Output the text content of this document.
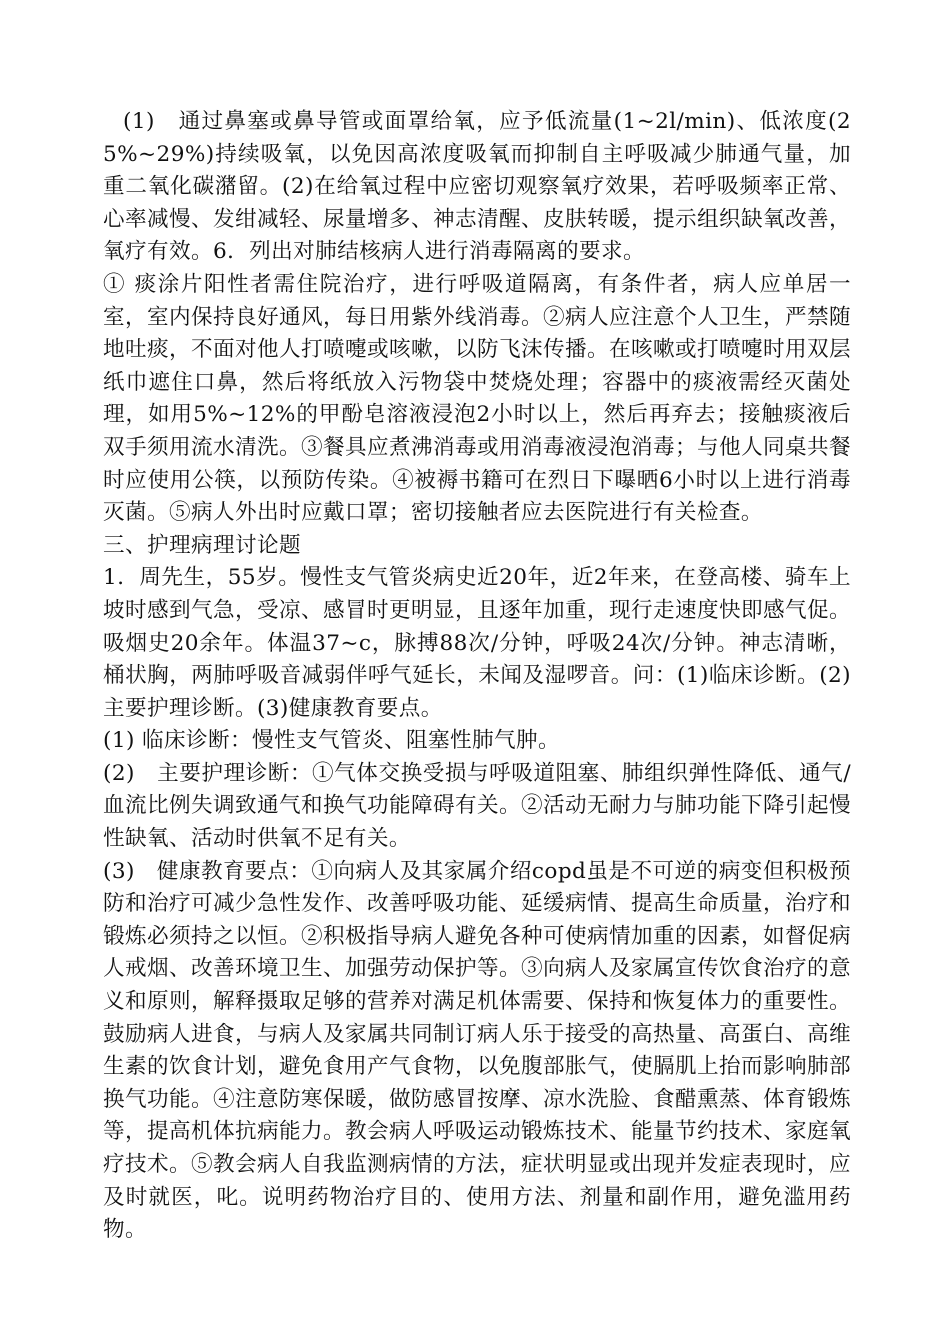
(1)　通过鼻塞或鼻导管或面罩给氧，应予低流量(1~2l/min)、低浓度(25%~29%)持续吸氧，以免因高浓度吸氧而抑制自主呼吸减少肺通气量，加重二氧化碳潴留。(2)在给氧过程中应密切观察氧疗效果，若呼吸频率正常、心率减慢、发绀减轻、尿量增多、神志清醒、皮肤转暖，提示组织缺氧改善，氧疗有效。6．列出对肺结核病人进行消毒隔离的要求。

① 痰涂片阳性者需住院治疗，进行呼吸道隔离，有条件者，病人应单居一室，室内保持良好通风，每日用紫外线消毒。②病人应注意个人卫生，严禁随地吐痰，不面对他人打喷嚏或咳嗽，以防飞沫传播。在咳嗽或打喷嚏时用双层纸巾遮住口鼻，然后将纸放入污物袋中焚烧处理；容器中的痰液需经灭菌处理，如用5%~12%的甲酚皂溶液浸泡2小时以上，然后再弃去；接触痰液后双手须用流水清洗。③餐具应煮沸消毒或用消毒液浸泡消毒；与他人同桌共餐时应使用公筷，以预防传染。④被褥书籍可在烈日下曝晒6小时以上进行消毒灭菌。⑤病人外出时应戴口罩；密切接触者应去医院进行有关检查。

三、护理病理讨论题

1．周先生，55岁。慢性支气管炎病史近20年，近2年来，在登高楼、骑车上坡时感到气急，受凉、感冒时更明显，且逐年加重，现行走速度快即感气促。吸烟史20余年。体温37~c，脉搏88次/分钟，呼吸24次/分钟。神志清晰，桶状胸，两肺呼吸音减弱伴呼气延长，未闻及湿啰音。问：(1)临床诊断。(2)主要护理诊断。(3)健康教育要点。

(1) 临床诊断：慢性支气管炎、阻塞性肺气肿。

(2)　主要护理诊断：①气体交换受损与呼吸道阻塞、肺组织弹性降低、通气/血流比例失调致通气和换气功能障碍有关。②活动无耐力与肺功能下降引起慢性缺氧、活动时供氧不足有关。

(3)　健康教育要点：①向病人及其家属介绍copd虽是不可逆的病变但积极预防和治疗可减少急性发作、改善呼吸功能、延缓病情、提高生命质量，治疗和锻炼必须持之以恒。②积极指导病人避免各种可使病情加重的因素，如督促病人戒烟、改善环境卫生、加强劳动保护等。③向病人及家属宣传饮食治疗的意义和原则，解释摄取足够的营养对满足机体需要、保持和恢复体力的重要性。鼓励病人进食，与病人及家属共同制订病人乐于接受的高热量、高蛋白、高维生素的饮食计划，避免食用产气食物，以免腹部胀气，使膈肌上抬而影响肺部换气功能。④注意防寒保暖，做防感冒按摩、凉水洗脸、食醋熏蒸、体育锻炼等，提高机体抗病能力。教会病人呼吸运动锻炼技术、能量节约技术、家庭氧疗技术。⑤教会病人自我监测病情的方法，症状明显或出现并发症表现时，应及时就医，叱。说明药物治疗目的、使用方法、剂量和副作用，避免滥用药物。
